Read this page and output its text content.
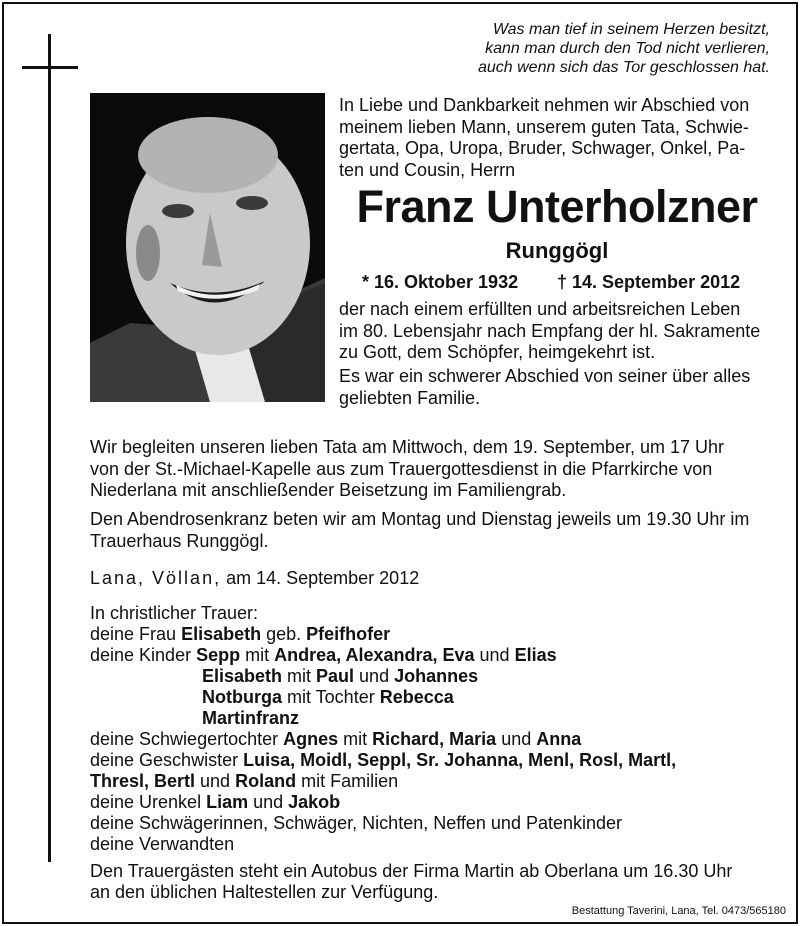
Was man tief in seinem Herzen besitzt,
kann man durch den Tod nicht verlieren,
auch wenn sich das Tor geschlossen hat.
In Liebe und Dankbarkeit nehmen wir Abschied von
meinem lieben Mann, unserem guten Tata, Schwie-
gertata, Opa, Uropa, Bruder, Schwager, Onkel, Pa-
ten und Cousin, Herrn
Franz Unterholzner
Runggögl
* 16. Oktober 1932 † 14. September 2012
der nach einem erfüllten und arbeitsreichen Leben
im 80. Lebensjahr nach Empfang der hl. Sakramente
zu Gott, dem Schöpfer, heimgekehrt ist.
Es war ein schwerer Abschied von seiner über alles
geliebten Familie.
Wir begleiten unseren lieben Tata am Mittwoch, dem 19. September, um 17 Uhr
von der St.-Michael-Kapelle aus zum Trauergottesdienst in die Pfarrkirche von
Niederlana mit anschließender Beisetzung im Familiengrab.
Den Abendrosenkranz beten wir am Montag und Dienstag jeweils um 19.30 Uhr im
Trauerhaus Runggögl.
Lana, Völlan, am 14. September 2012
In christlicher Trauer:
deine Frau Elisabeth geb. Pfeifhofer
deine Kinder Sepp mit Andrea, Alexandra, Eva und Elias
Elisabeth mit Paul und Johannes
Notburga mit Tochter Rebecca
Martinfranz
deine Schwiegertochter Agnes mit Richard, Maria und Anna
deine Geschwister Luisa, Moidl, Seppl, Sr. Johanna, Menl, Rosl, Martl,
Thresl, Bertl und Roland mit Familien
deine Urenkel Liam und Jakob
deine Schwägerinnen, Schwäger, Nichten, Neffen und Patenkinder
deine Verwandten
Den Trauergästen steht ein Autobus der Firma Martin ab Oberlana um 16.30 Uhr
an den üblichen Haltestellen zur Verfügung.
Bestattung Taverini, Lana, Tel. 0473/565180
